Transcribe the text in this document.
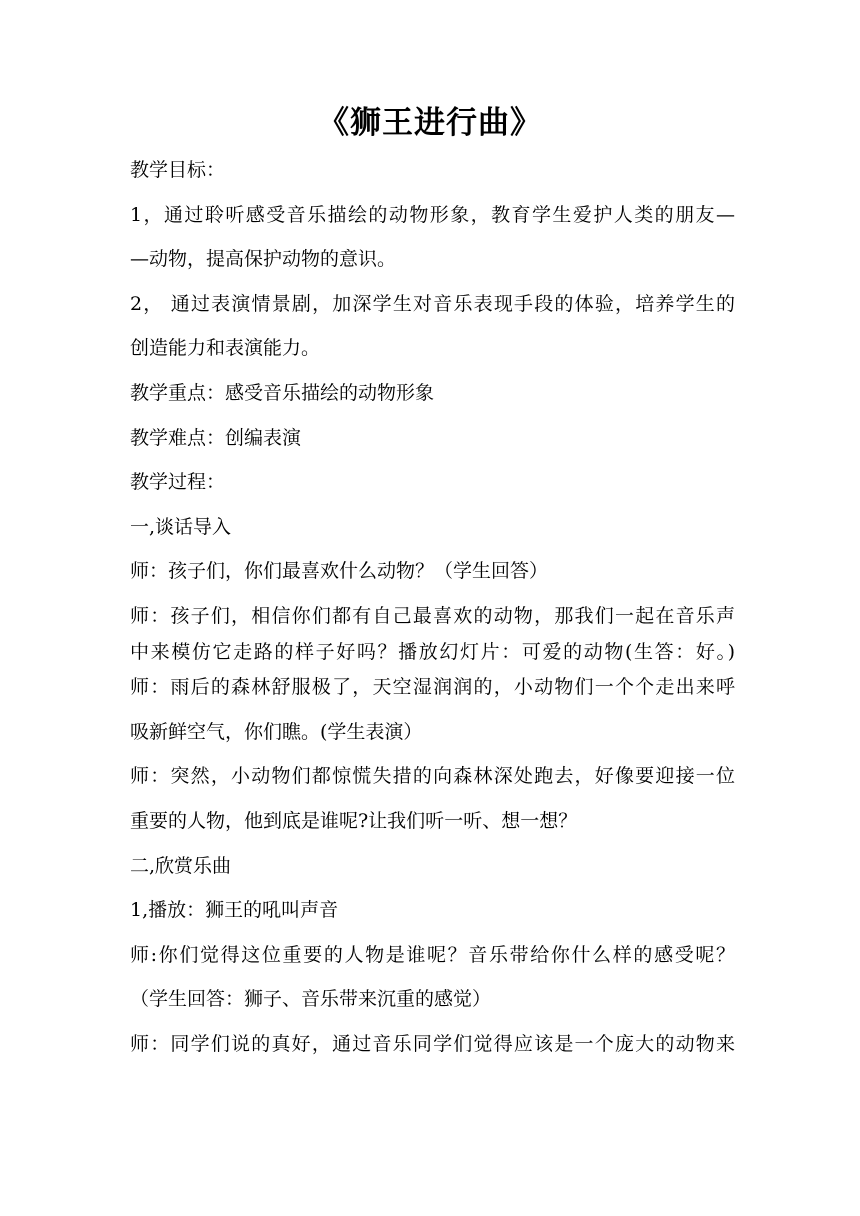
《狮王进行曲》
教学目标：
1，通过聆听感受音乐描绘的动物形象，教育学生爱护人类的朋友—
—动物，提高保护动物的意识。
2， 通过表演情景剧，加深学生对音乐表现手段的体验，培养学生的
创造能力和表演能力。
教学重点：感受音乐描绘的动物形象
教学难点：创编表演
教学过程：
一,谈话导入
师：孩子们，你们最喜欢什么动物？（学生回答）
师：孩子们，相信你们都有自己最喜欢的动物，那我们一起在音乐声
中来模仿它走路的样子好吗？播放幻灯片：可爱的动物(生答：好。)
师：雨后的森林舒服极了，天空湿润润的，小动物们一个个走出来呼
吸新鲜空气，你们瞧。(学生表演）
师：突然，小动物们都惊慌失措的向森林深处跑去，好像要迎接一位
重要的人物，他到底是谁呢?让我们听一听、想一想？
二,欣赏乐曲
1,播放：狮王的吼叫声音
师:你们觉得这位重要的人物是谁呢？音乐带给你什么样的感受呢？
（学生回答：狮子、音乐带来沉重的感觉）
师：同学们说的真好，通过音乐同学们觉得应该是一个庞大的动物来
